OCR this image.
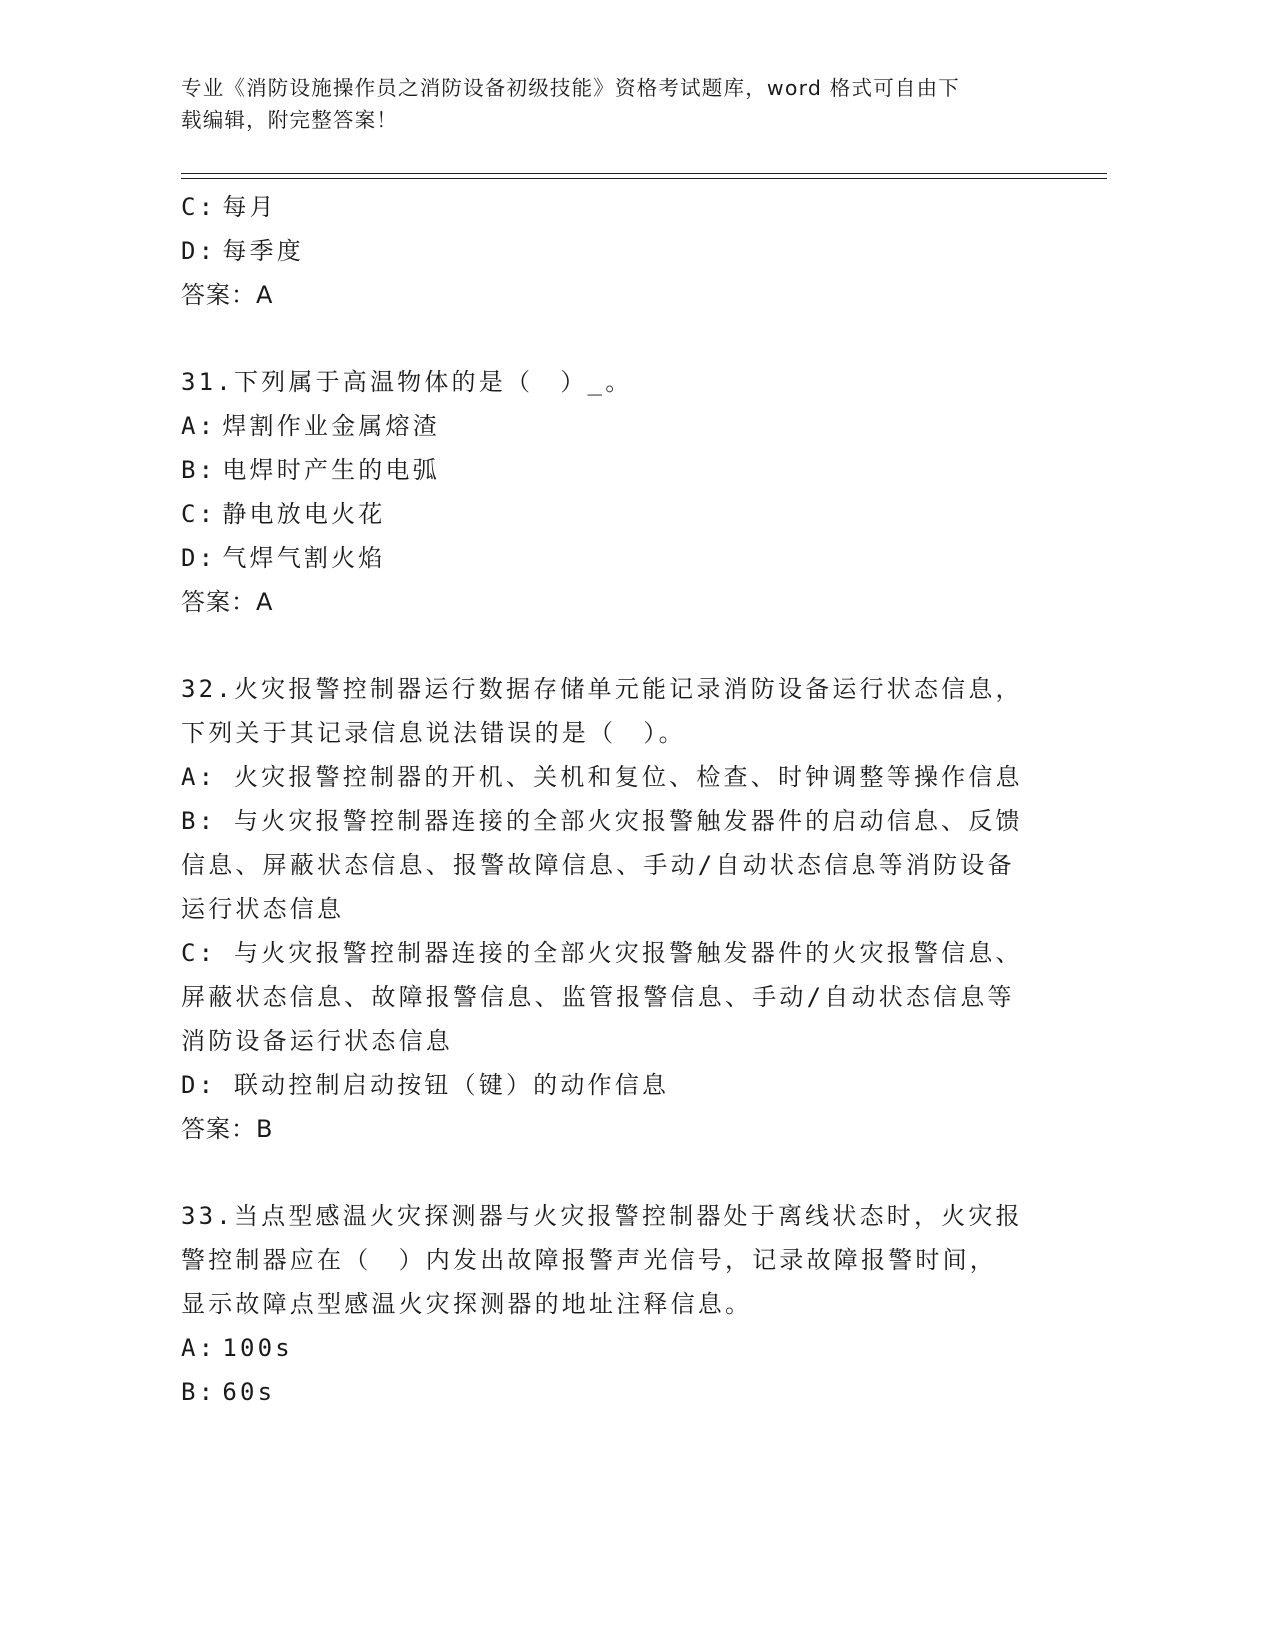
专业《消防设施操作员之消防设备初级技能》资格考试题库，word 格式可自由下
载编辑，附完整答案！
C: 每月
D: 每季度
答案：A
31.下列属于高温物体的是（　）_。
A: 焊割作业金属熔渣
B: 电焊时产生的电弧
C: 静电放电火花
D: 气焊气割火焰
答案：A
32.火灾报警控制器运行数据存储单元能记录消防设备运行状态信息，
下列关于其记录信息说法错误的是（　）。
A: 火灾报警控制器的开机、关机和复位、检查、时钟调整等操作信息
B: 与火灾报警控制器连接的全部火灾报警触发器件的启动信息、反馈
信息、屏蔽状态信息、报警故障信息、手动/自动状态信息等消防设备
运行状态信息
C: 与火灾报警控制器连接的全部火灾报警触发器件的火灾报警信息、
屏蔽状态信息、故障报警信息、监管报警信息、手动/自动状态信息等
消防设备运行状态信息
D: 联动控制启动按钮（键）的动作信息
答案：B
33.当点型感温火灾探测器与火灾报警控制器处于离线状态时，火灾报
警控制器应在（　）内发出故障报警声光信号，记录故障报警时间，
显示故障点型感温火灾探测器的地址注释信息。
A: 100s
B: 60s
